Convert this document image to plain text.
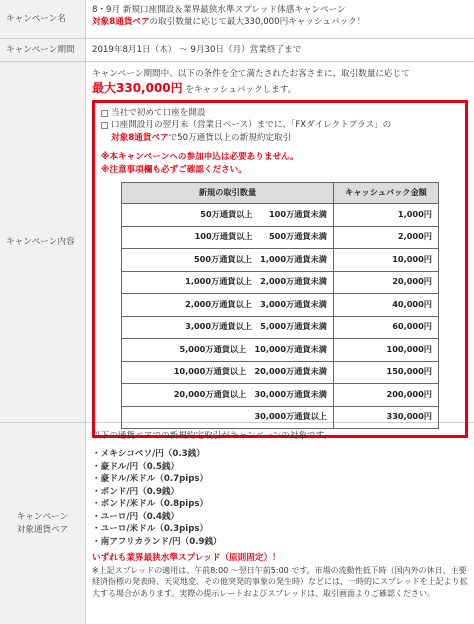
キャンペーン名
8・9月 新規口座開設＆業界最狭水準スプレッド体感キャンペーン
対象8通貨ペアの取引数量に応じて最大330,000円キャッシュバック！
キャンペーン期間	2019年8月1日（木） ～ 9月30日（月）営業終了まで
キャンペーン内容
キャンペーン期間中、以下の条件を全て満たされたお客さまに、取引数量に応じて
最大330,000円 をキャッシュバックします。
当社で初めて口座を開設
口座開設月の翌月末（営業日ベース）までに、「FXダイレクトプラス」の
対象8通貨ペアで50万通貨以上の新規約定取引
※本キャンペーンへの参加申込は必要ありません。
※注意事項欄も必ずご確認ください。
新規の取引数量	キャッシュバック金額
50万通貨以上　　100万通貨未満	1,000円
100万通貨以上　　500万通貨未満	2,000円
500万通貨以上　1,000万通貨未満	10,000円
1,000万通貨以上　2,000万通貨未満	20,000円
2,000万通貨以上　3,000万通貨未満	40,000円
3,000万通貨以上　5,000万通貨未満	60,000円
5,000万通貨以上　10,000万通貨未満	100,000円
10,000万通貨以上　20,000万通貨未満	150,000円
20,000万通貨以上　30,000万通貨未満	200,000円
30,000万通貨以上	330,000円
キャンペーン
対象通貨ペア
以下の通貨ペアでの新規約定取引がキャンペーンの対象です。
・メキシコペソ/円（0.3銭）
・豪ドル/円（0.5銭）
・豪ドル/米ドル（0.7pips）
・ポンド/円（0.9銭）
・ポンド/米ドル（0.8pips）
・ユーロ/円（0.4銭）
・ユーロ/米ドル（0.3pips）
・南アフリカランド/円（0.9銭）
いずれも業界最狭水準スプレッド（原則固定）！
※上記スプレッドの適用は、午前8:00 ～翌日午前5:00 です。市場の流動性低下時（国内外の休日、主要経済指標の発表時、天災地変、その他突発的事象の発生時）などには、一時的にスプレッドを上記より拡大する場合があります。実際の提示レートおよびスプレッドは、取引画面よりご確認ください。
